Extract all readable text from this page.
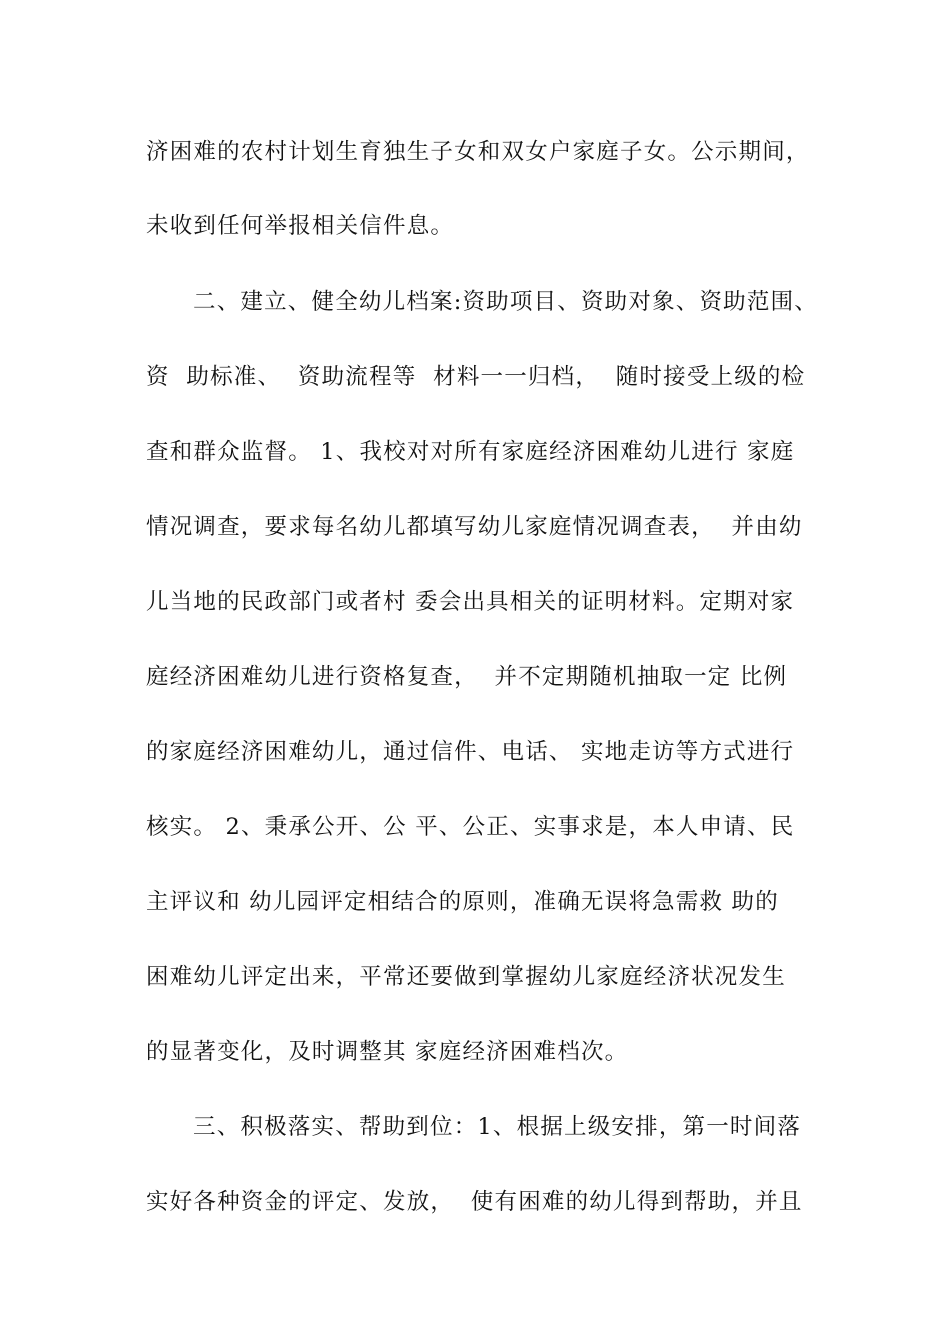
济困难的农村计划生育独生子女和双女户家庭子女。公示期间，
未收到任何举报相关信件息。
二、建立、健全幼儿档案:资助项目、资助对象、资助范围、
资  助标准、  资助流程等  材料一一归档，  随时接受上级的检
查和群众监督。 1、我校对对所有家庭经济困难幼儿进行 家庭
情况调查，要求每名幼儿都填写幼儿家庭情况调查表，  并由幼
儿当地的民政部门或者村 委会出具相关的证明材料。定期对家
庭经济困难幼儿进行资格复查，  并不定期随机抽取一定 比例
的家庭经济困难幼儿，通过信件、电话、 实地走访等方式进行
核实。 2、秉承公开、公 平、公正、实事求是，本人申请、民
主评议和 幼儿园评定相结合的原则，准确无误将急需救 助的
困难幼儿评定出来，平常还要做到掌握幼儿家庭经济状况发生
的显著变化，及时调整其 家庭经济困难档次。
三、积极落实、帮助到位：1、根据上级安排，第一时间落
实好各种资金的评定、发放，  使有困难的幼儿得到帮助，并且
